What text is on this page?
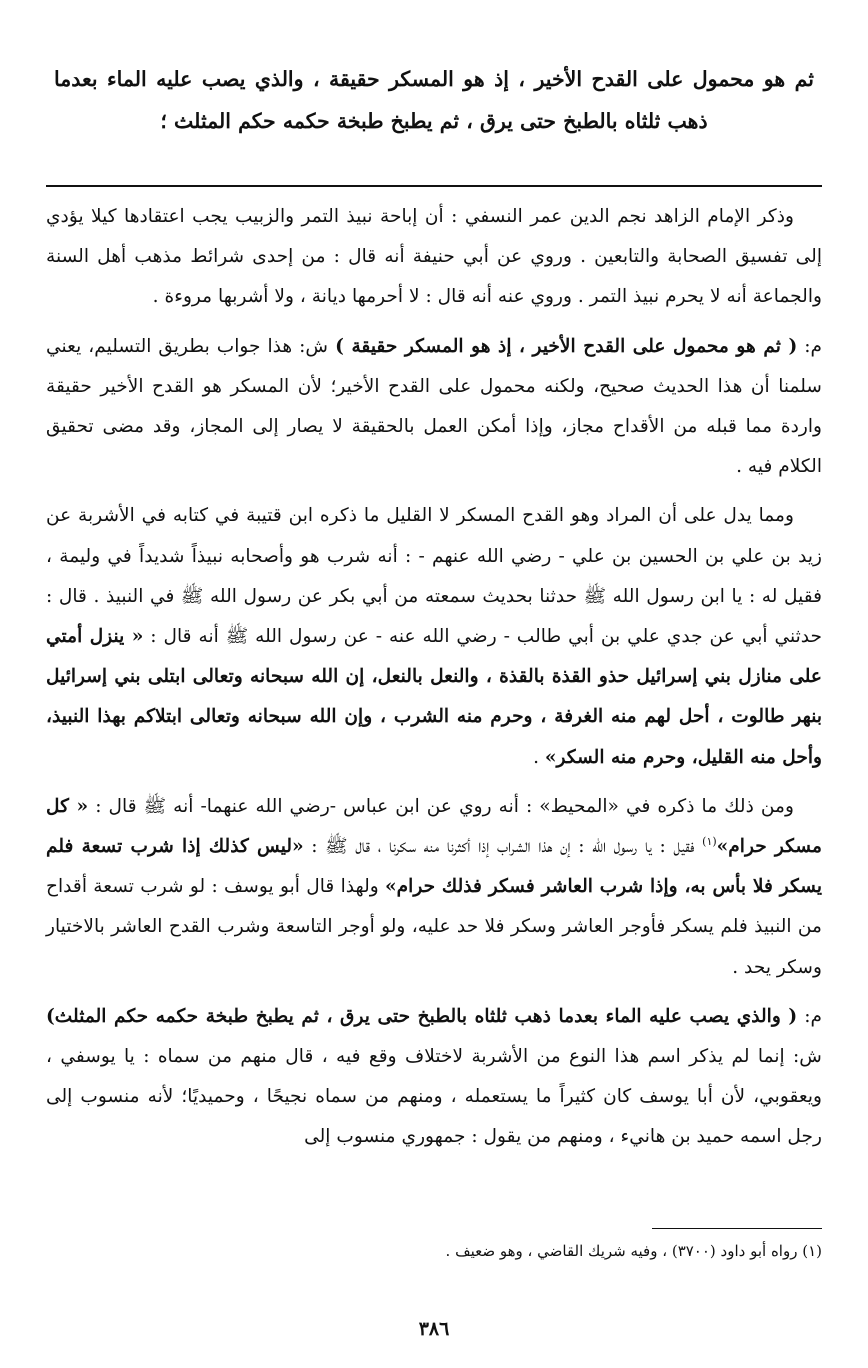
ثم هو محمول على القدح الأخير ، إذ هو المسكر حقيقة ، والذي يصب عليه الماء بعدما ذهب ثلثاه بالطبخ حتى يرق ، ثم يطبخ طبخة حكمه حكم المثلث ؛

وذكر الإمام الزاهد نجم الدين عمر النسفي : أن إباحة نبيذ التمر والزبيب يجب اعتقادها كيلا يؤدي إلى تفسيق الصحابة والتابعين . وروي عن أبي حنيفة أنه قال : من إحدى شرائط مذهب أهل السنة والجماعة أنه لا يحرم نبيذ التمر . وروي عنه أنه قال : لا أحرمها ديانة ، ولا أشربها مروءة .

م: ( ثم هو محمول على القدح الأخير ، إذ هو المسكر حقيقة ) ش: هذا جواب بطريق التسليم، يعني سلمنا أن هذا الحديث صحيح، ولكنه محمول على القدح الأخير؛ لأن المسكر هو القدح الأخير حقيقة واردة مما قبله من الأقداح مجاز، وإذا أمكن العمل بالحقيقة لا يصار إلى المجاز، وقد مضى تحقيق الكلام فيه .

ومما يدل على أن المراد وهو القدح المسكر لا القليل ما ذكره ابن قتيبة في كتابه في الأشربة عن زيد بن علي بن الحسين بن علي - رضي الله عنهم - : أنه شرب هو وأصحابه نبيذاً شديداً في وليمة ، فقيل له : يا ابن رسول الله ﷺ حدثنا بحديث سمعته من أبي بكر عن رسول الله ﷺ في النبيذ . قال : حدثني أبي عن جدي علي بن أبي طالب - رضي الله عنه - عن رسول الله ﷺ أنه قال : « ينزل أمتي على منازل بني إسرائيل حذو القذة بالقذة ، والنعل بالنعل، إن الله سبحانه وتعالى ابتلى بني إسرائيل بنهر طالوت ، أحل لهم منه الغرفة ، وحرم منه الشرب ، وإن الله سبحانه وتعالى ابتلاكم بهذا النبيذ، وأحل منه القليل، وحرم منه السكر» .

ومن ذلك ما ذكره في «المحيط» : أنه روي عن ابن عباس -رضي الله عنهما- أنه ﷺ قال : « كل مسكر حرام»$^{(١)}$ فقيل : يا رسول الله : إن هذا الشراب إذا أكثرنا منه سكرنا ، قال ﷺ : «ليس كذلك إذا شرب تسعة فلم يسكر فلا بأس به، وإذا شرب العاشر فسكر فذلك حرام» ولهذا قال أبو يوسف : لو شرب تسعة أقداح من النبيذ فلم يسكر فأوجر العاشر وسكر فلا حد عليه، ولو أوجر التاسعة وشرب القدح العاشر بالاختيار وسكر يحد .

م: ( والذي يصب عليه الماء بعدما ذهب ثلثاه بالطبخ حتى يرق ، ثم يطبخ طبخة حكمه حكم المثلث) ش: إنما لم يذكر اسم هذا النوع من الأشربة لاختلاف وقع فيه ، قال منهم من سماه : يا يوسفي ، ويعقوبي، لأن أبا يوسف كان كثيراً ما يستعمله ، ومنهم من سماه نجيحًا ، وحميديًا؛ لأنه منسوب إلى رجل اسمه حميد بن هانيء ، ومنهم من يقول : جمهوري منسوب إلى

(١) رواه أبو داود (٣٧٠٠) ، وفيه شريك القاضي ، وهو ضعيف .
٣٨٦
